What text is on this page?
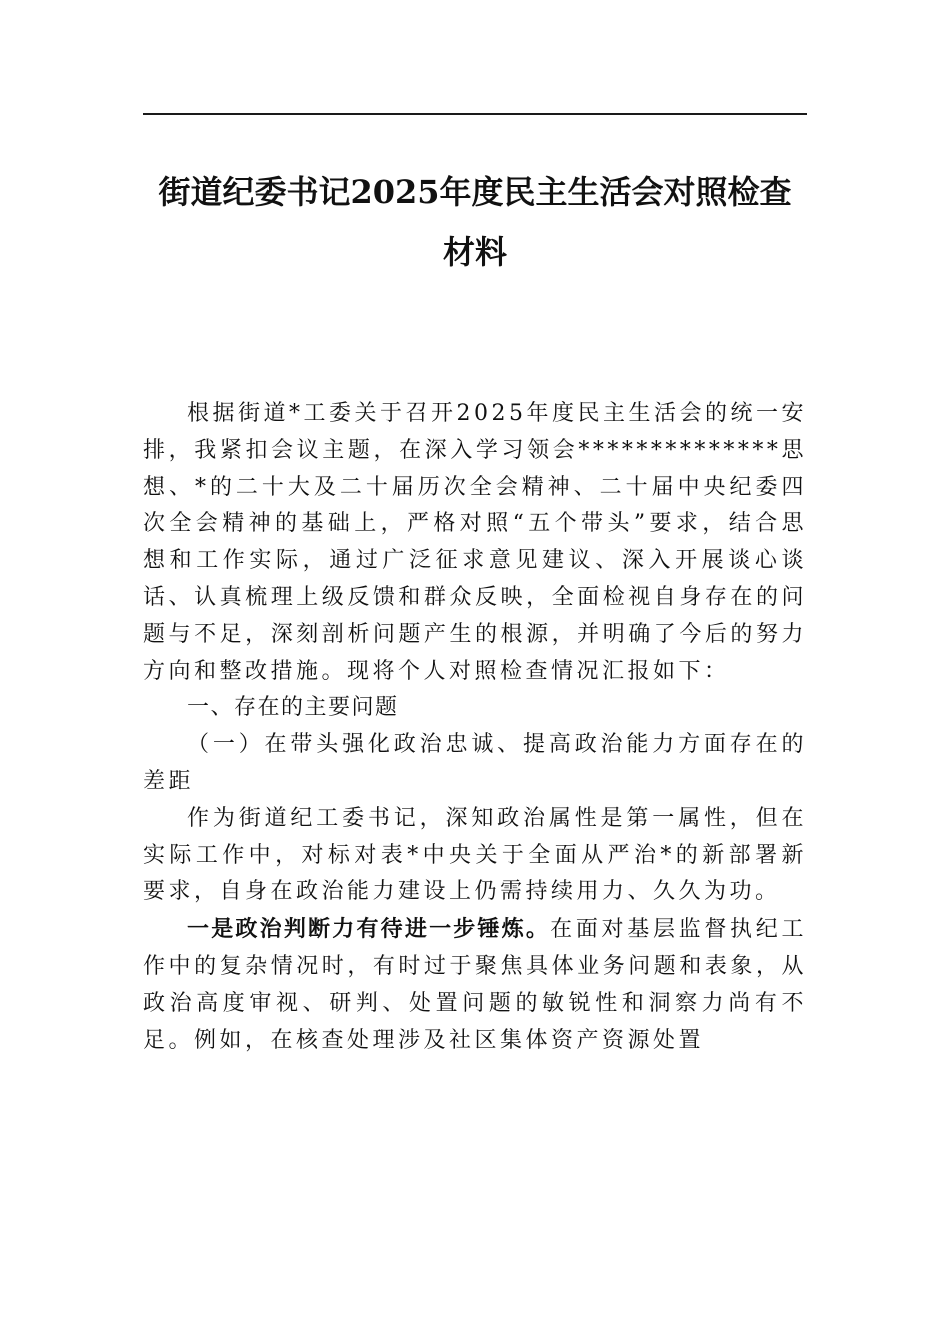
街道纪委书记2025年度民主生活会对照检查材料

根据街道*工委关于召开2025年度民主生活会的统一安排，我紧扣会议主题，在深入学习领会**************思想、*的二十大及二十届历次全会精神、二十届中央纪委四次全会精神的基础上，严格对照“五个带头”要求，结合思想和工作实际，通过广泛征求意见建议、深入开展谈心谈话、认真梳理上级反馈和群众反映，全面检视自身存在的问题与不足，深刻剖析问题产生的根源，并明确了今后的努力方向和整改措施。现将个人对照检查情况汇报如下：

一、存在的主要问题

（一）在带头强化政治忠诚、提高政治能力方面存在的差距

作为街道纪工委书记，深知政治属性是第一属性，但在实际工作中，对标对表*中央关于全面从严治*的新部署新要求，自身在政治能力建设上仍需持续用力、久久为功。

一是政治判断力有待进一步锤炼。在面对基层监督执纪工作中的复杂情况时，有时过于聚焦具体业务问题和表象，从政治高度审视、研判、处置问题的敏锐性和洞察力尚有不足。例如，在核查处理涉及社区集体资产资源处置
